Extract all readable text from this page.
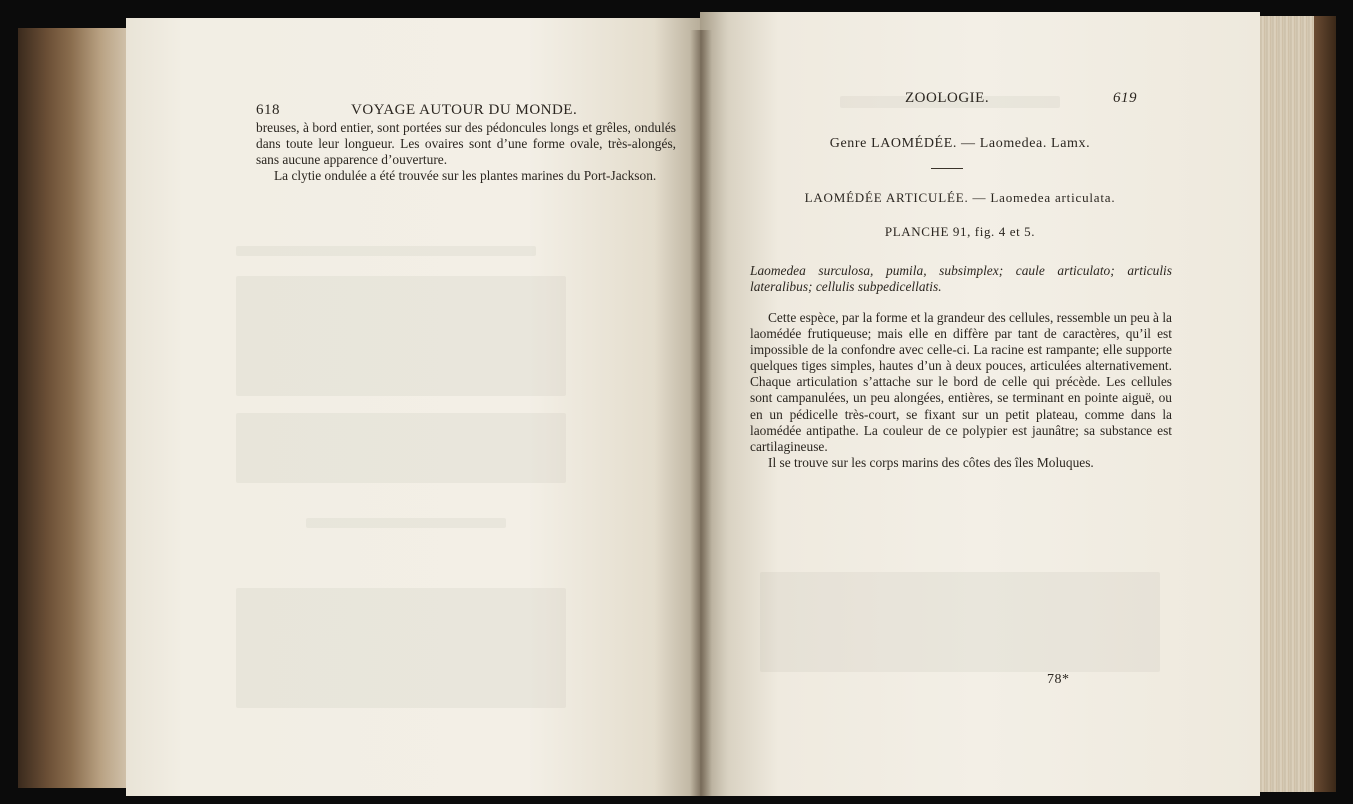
618	VOYAGE AUTOUR DU MONDE.

breuses, à bord entier, sont portées sur des pédoncules longs et grêles, ondulés dans toute leur longueur. Les ovaires sont d’une forme ovale, très-alongés, sans aucune apparence d’ouverture.

La clytie ondulée a été trouvée sur les plantes marines du Port-Jackson.

ZOOLOGIE.	619
Genre LAOMÉDÉE. — Laomedea. Lamx.
LAOMÉDÉE ARTICULÉE. — Laomedea articulata.
PLANCHE 91, fig. 4 et 5.
Laomedea surculosa, pumila, subsimplex; caule articulato; articulis lateralibus; cellulis subpedicellatis.

Cette espèce, par la forme et la grandeur des cellules, ressemble un peu à la laomédée frutiqueuse; mais elle en diffère par tant de caractères, qu’il est impossible de la confondre avec celle-ci. La racine est rampante; elle supporte quelques tiges simples, hautes d’un à deux pouces, articulées alternativement. Chaque articulation s’attache sur le bord de celle qui précède. Les cellules sont campanulées, un peu alongées, entières, se terminant en pointe aiguë, ou en un pédicelle très-court, se fixant sur un petit plateau, comme dans la laomédée antipathe. La couleur de ce polypier est jaunâtre; sa substance est cartilagineuse.

Il se trouve sur les corps marins des côtes des îles Moluques.

78*
